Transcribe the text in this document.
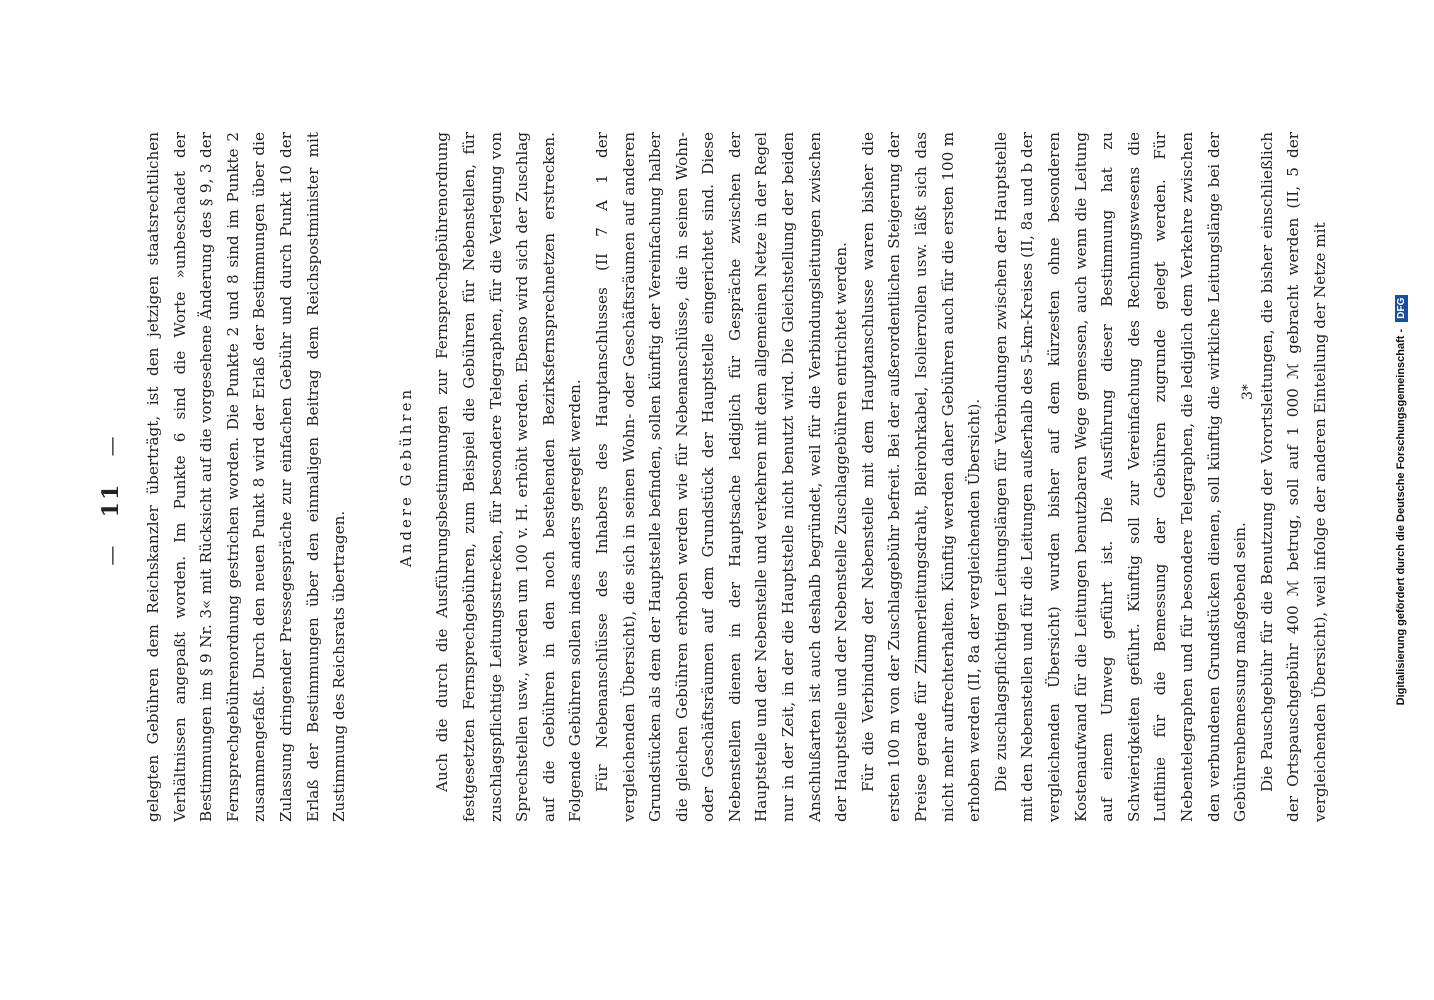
— 11 — gelegten Gebühren dem Reichskanzler überträgt, ist den jetzigen staatsrechtlichen Verhältnissen angepaßt worden. Im Punkte 6 sind die Worte »unbeschadet der Bestimmungen im § 9 Nr. 3« mit Rücksicht auf die vorgesehene Änderung des § 9, 3 der Fernsprechgebührenordnung gestrichen worden. Die Punkte 2 und 8 sind im Punkte 2 zusammengefaßt. Durch den neuen Punkt 8 wird der Erlaß der Bestimmungen über die Zulassung dringender Pressegespräche zur einfachen Gebühr und durch Punkt 10 der Erlaß der Bestimmungen über den einmaligen Beitrag dem Reichspostminister mit Zustimmung des Reichsrats übertragen.

Andere Gebühren	Auch die durch die Ausführungsbestimmungen zur Fernsprechgebührenordnung festgesetzten Fernsprechgebühren, zum Beispiel die Gebühren für Nebenstellen, für zuschlagspflichtige Leitungsstrecken, für besondere Telegraphen, für die Verlegung von Sprechstellen usw., werden um 100 v. H. erhöht werden. Ebenso wird sich der Zuschlag auf die Gebühren in den noch bestehenden Bezirksfernsprechnetzen erstrecken. Folgende Gebühren sollen indes anders geregelt werden. Für Nebenanschlüsse des Inhabers des Hauptanschlusses (II 7 A 1 der vergleichenden Übersicht), die sich in seinen Wohn- oder Geschäftsräumen auf anderen Grundstücken als dem der Hauptstelle befinden, sollen künftig der Vereinfachung halber die gleichen Gebühren erhoben werden wie für Nebenanschlüsse, die in seinen Wohn- oder Geschäftsräumen auf dem Grundstück der Hauptstelle eingerichtet sind. Diese Nebenstellen dienen in der Hauptsache lediglich für Gespräche zwischen der Hauptstelle und der Nebenstelle und verkehren mit dem allgemeinen Netze in der Regel nur in der Zeit, in der die Hauptstelle nicht benutzt wird. Die Gleichstellung der beiden Anschlußarten ist auch deshalb begründet, weil für die Verbindungsleitungen zwischen der Hauptstelle und der Nebenstelle Zuschlaggebühren entrichtet werden. Für die Verbindung der Nebenstelle mit dem Hauptanschlusse waren bisher die ersten 100 m von der Zuschlaggebühr befreit. Bei der außerordentlichen Steigerung der Preise gerade für Zimmerleitungsdraht, Bleirohrkabel, Isolierrollen usw. läßt sich das nicht mehr aufrechterhalten. Künftig werden daher Gebühren auch für die ersten 100 m erhoben werden (II, 8a der vergleichenden Übersicht). Die zuschlagspflichtigen Leitungslängen für Verbindungen zwischen der Hauptstelle mit den Nebenstellen und für die Leitungen außerhalb des 5-km-Kreises (II, 8a und b der vergleichenden Übersicht) wurden bisher auf dem kürzesten ohne besonderen Kostenaufwand für die Leitungen benutzbaren Wege gemessen, auch wenn die Leitung auf einem Umweg geführt ist. Die Ausführung dieser Bestimmung hat zu Schwierigkeiten geführt. Künftig soll zur Vereinfachung des Rechnungswesens die Luftlinie für die Bemessung der Gebühren zugrunde gelegt werden. Für Nebentelegraphen und für besondere Telegraphen, die lediglich dem Verkehre zwischen den verbundenen Grundstücken dienen, soll künftig die wirkliche Leitungslänge bei der Gebührenbemessung maßgebend sein. Die Pauschgebühr für die Benutzung der Vorortsleitungen, die bisher einschließlich der Ortspauschgebühr 400 ℳ betrug, soll auf 1 000 ℳ gebracht werden (II, 5 der vergleichenden Übersicht), weil infolge der anderen Einteilung der Netze mit

3*	Digitalisierung gefördert durch die Deutsche Forschungsgemeinschaft - DFG
